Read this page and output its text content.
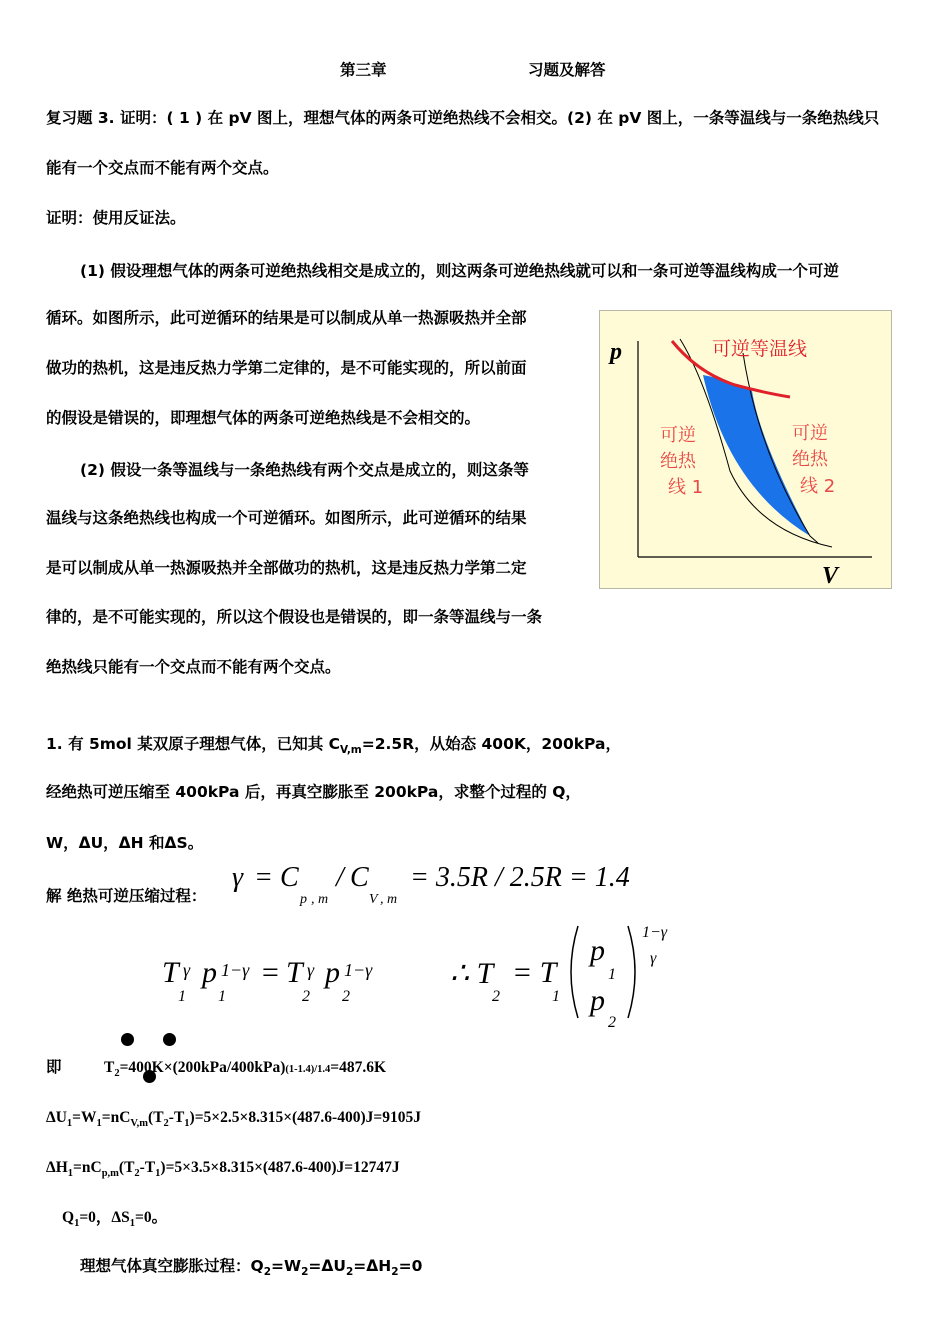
第三章	习题及解答
复习题 3. 证明：( 1 ) 在 pV 图上，理想气体的两条可逆绝热线不会相交。(2) 在 pV 图上，一条等温线与一条绝热线只
能有一个交点而不能有两个交点。
证明：使用反证法。
(1) 假设理想气体的两条可逆绝热线相交是成立的，则这两条可逆绝热线就可以和一条可逆等温线构成一个可逆
循环。如图所示，此可逆循环的结果是可以制成从单一热源吸热并全部
做功的热机，这是违反热力学第二定律的，是不可能实现的，所以前面
的假设是错误的，即理想气体的两条可逆绝热线是不会相交的。
(2) 假设一条等温线与一条绝热线有两个交点是成立的，则这条等
温线与这条绝热线也构成一个可逆循环。如图所示，此可逆循环的结果
是可以制成从单一热源吸热并全部做功的热机，这是违反热力学第二定
律的，是不可能实现的，所以这个假设也是错误的，即一条等温线与一条
绝热线只能有一个交点而不能有两个交点。
p
V
可逆等温线
可逆
绝热
线 1
可逆
绝热
线 2
1. 有 5mol 某双原子理想气体，已知其 $C_{V,m}=2.5R$，从始态 400K，200kPa，
经绝热可逆压缩至 400kPa 后，再真空膨胀至 200kPa，求整个过程的 Q，
W，ΔU，ΔH 和ΔS。
解 绝热可逆压缩过程：
γ = C
p , m
/ C
V , m
= 3.5R / 2.5R = 1.4
T γ p 1−γ
1 1
= T γ p 1−γ
2 2
∴ T
2
= T
1
p
1
p
2
1−γ
γ
即	$T_2=400K\times(200kPa/400kPa)(1-1.4)/1.4=487.6K$
$\Delta U_1=W_1=nC_{V,m}(T_2-T_1)=5\times 2.5\times 8.315\times(487.6-400)J=9105J$
$\Delta H_1=nC_{p,m}(T_2-T_1)=5\times 3.5\times 8.315\times(487.6-400)J=12747J$
$Q_1=0$，$\Delta S_1=0$。
理想气体真空膨胀过程：$Q_2=W_2=\Delta U_2=\Delta H_2=0$
